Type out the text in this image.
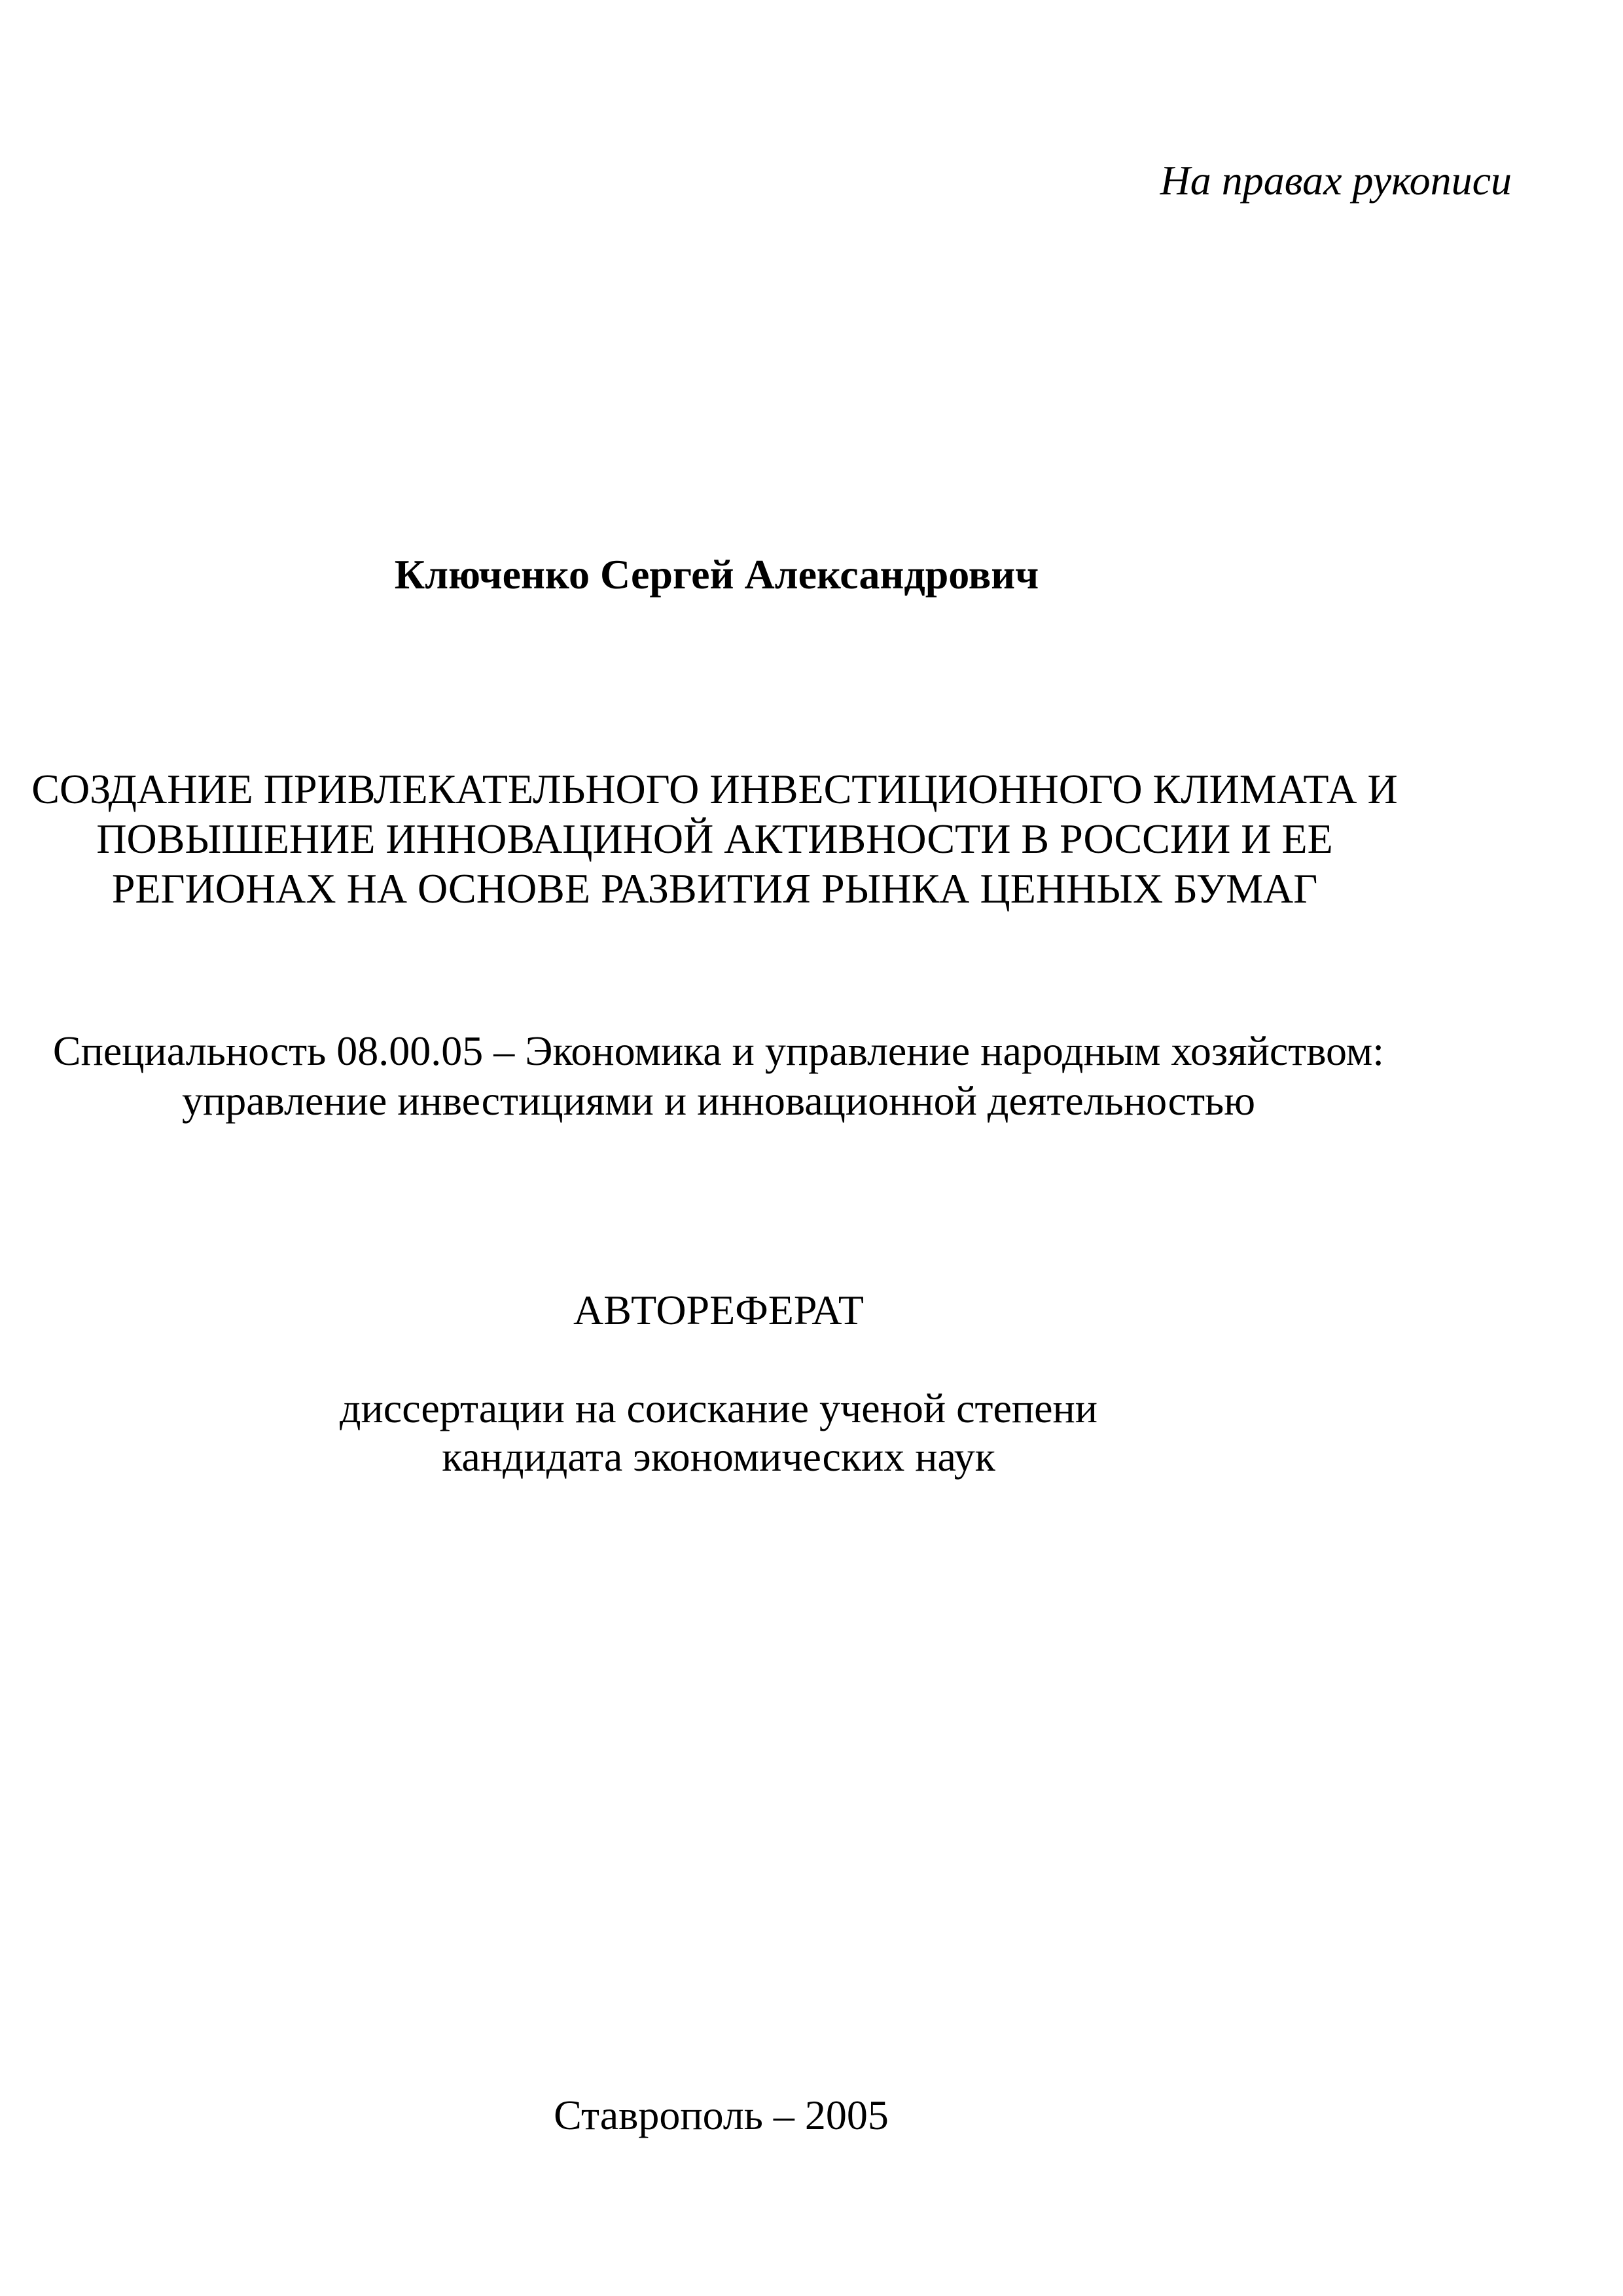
На правах рукописи
Ключенко Сергей Александрович
СОЗДАНИЕ ПРИВЛЕКАТЕЛЬНОГО ИНВЕСТИЦИОННОГО КЛИМАТА И
ПОВЫШЕНИЕ ИННОВАЦИНОЙ АКТИВНОСТИ В РОССИИ И ЕЕ
РЕГИОНАХ НА ОСНОВЕ РАЗВИТИЯ РЫНКА ЦЕННЫХ БУМАГ
Специальность 08.00.05 – Экономика и управление народным хозяйством:
управление инвестициями и инновационной деятельностью
АВТОРЕФЕРАТ
диссертации на соискание ученой степени
кандидата экономических наук
Ставрополь – 2005
